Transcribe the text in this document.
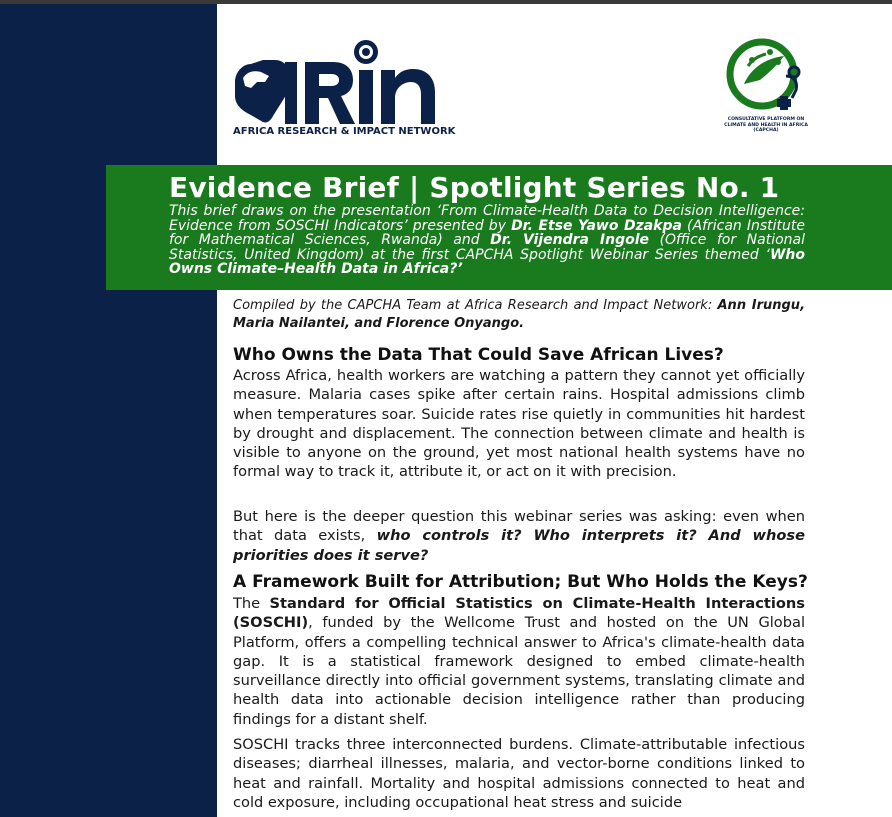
AFRICA RESEARCH & IMPACT NETWORK
CONSULTATIVE PLATFORM ON CLIMATE AND HEALTH IN AFRICA (CAPCHA)
Evidence Brief | Spotlight Series No. 1
This brief draws on the presentation ‘From Climate-Health Data to Decision Intelligence: Evidence from SOSCHI Indicators’ presented by Dr. Etse Yawo Dzakpa (African Institute for Mathematical Sciences, Rwanda) and Dr. Vijendra Ingole (Office for National Statistics, United Kingdom) at the first CAPCHA Spotlight Webinar Series themed ‘Who Owns Climate–Health Data in Africa?’
Compiled by the CAPCHA Team at Africa Research and Impact Network: Ann Irungu, Maria Nailantei, and Florence Onyango.
Who Owns the Data That Could Save African Lives?
Across Africa, health workers are watching a pattern they cannot yet officially measure. Malaria cases spike after certain rains. Hospital admissions climb when temperatures soar. Suicide rates rise quietly in communities hit hardest by drought and displacement. The connection between climate and health is visible to anyone on the ground, yet most national health systems have no formal way to track it, attribute it, or act on it with precision.
But here is the deeper question this webinar series was asking: even when that data exists, who controls it? Who interprets it? And whose priorities does it serve?
A Framework Built for Attribution; But Who Holds the Keys?
The Standard for Official Statistics on Climate-Health Interactions (SOSCHI), funded by the Wellcome Trust and hosted on the UN Global Platform, offers a compelling technical answer to Africa's climate-health data gap. It is a statistical framework designed to embed climate-health surveillance directly into official government systems, translating climate and health data into actionable decision intelligence rather than producing findings for a distant shelf.
SOSCHI tracks three interconnected burdens. Climate-attributable infectious diseases; diarrheal illnesses, malaria, and vector-borne conditions linked to heat and rainfall. Mortality and hospital admissions connected to heat and cold exposure, including occupational heat stress and suicide
